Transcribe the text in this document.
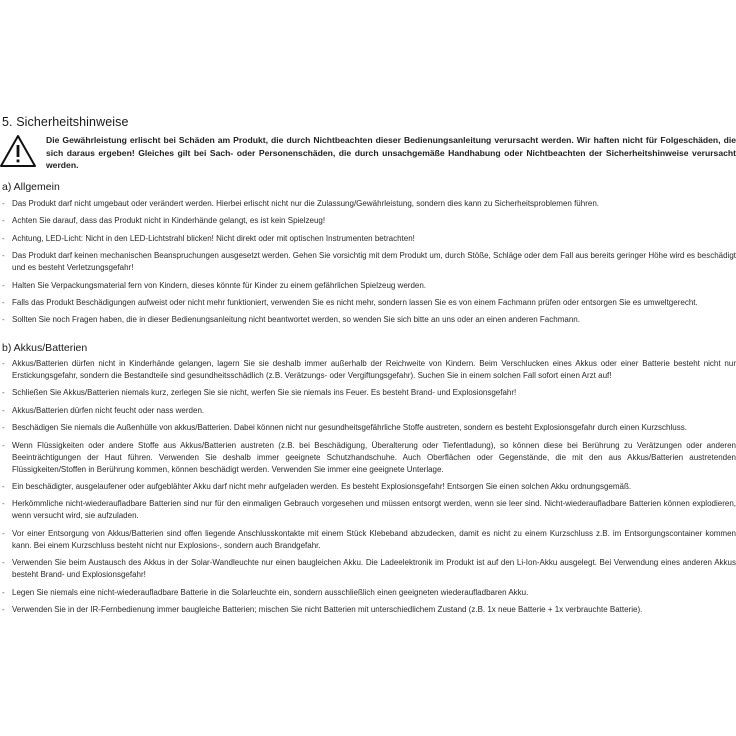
5. Sicherheitshinweise
Die Gewährleistung erlischt bei Schäden am Produkt, die durch Nichtbeachten dieser Bedienungsanleitung verursacht werden. Wir haften nicht für Folgeschäden, die sich daraus ergeben! Gleiches gilt bei Sach- oder Personenschäden, die durch unsachgemäße Handhabung oder Nichtbeachten der Sicherheitshinweise verursacht werden.
a) Allgemein
- Das Produkt darf nicht umgebaut oder verändert werden. Hierbei erlischt nicht nur die Zulassung/Gewährleistung, sondern dies kann zu Sicherheitsproblemen führen.
- Achten Sie darauf, dass das Produkt nicht in Kinderhände gelangt, es ist kein Spielzeug!
- Achtung, LED-Licht: Nicht in den LED-Lichtstrahl blicken! Nicht direkt oder mit optischen Instrumenten betrachten!
- Das Produkt darf keinen mechanischen Beanspruchungen ausgesetzt werden. Gehen Sie vorsichtig mit dem Produkt um, durch Stöße, Schläge oder dem Fall aus bereits geringer Höhe wird es beschädigt und es besteht Verletzungsgefahr!
- Halten Sie Verpackungsmaterial fern von Kindern, dieses könnte für Kinder zu einem gefährlichen Spielzeug werden.
- Falls das Produkt Beschädigungen aufweist oder nicht mehr funktioniert, verwenden Sie es nicht mehr, sondern lassen Sie es von einem Fachmann prüfen oder entsorgen Sie es umweltgerecht.
- Sollten Sie noch Fragen haben, die in dieser Bedienungsanleitung nicht beantwortet werden, so wenden Sie sich bitte an uns oder an einen anderen Fachmann.
b) Akkus/Batterien
- Akkus/Batterien dürfen nicht in Kinderhände gelangen, lagern Sie sie deshalb immer außerhalb der Reichweite von Kindern. Beim Verschlucken eines Akkus oder einer Batterie besteht nicht nur Erstickungsgefahr, sondern die Bestandteile sind gesundheitsschädlich (z.B. Verätzungs- oder Vergiftungsgefahr). Suchen Sie in einem solchen Fall sofort einen Arzt auf!
- Schließen Sie Akkus/Batterien niemals kurz, zerlegen Sie sie nicht, werfen Sie sie niemals ins Feuer. Es besteht Brand- und Explosionsgefahr!
- Akkus/Batterien dürfen nicht feucht oder nass werden.
- Beschädigen Sie niemals die Außenhülle von akkus/Batterien. Dabei können nicht nur gesundheitsgefährliche Stoffe austreten, sondern es besteht Explosionsgefahr durch einen Kurzschluss.
- Wenn Flüssigkeiten oder andere Stoffe aus Akkus/Batterien austreten (z.B. bei Beschädigung, Überalterung oder Tiefentladung), so können diese bei Berührung zu Verätzungen oder anderen Beeinträchtigungen der Haut führen. Verwenden Sie deshalb immer geeignete Schutzhandschuhe. Auch Oberflächen oder Gegenstände, die mit den aus Akkus/Batterien austretenden Flüssigkeiten/Stoffen in Berührung kommen, können beschädigt werden. Verwenden Sie immer eine geeignete Unterlage.
- Ein beschädigter, ausgelaufener oder aufgeblähter Akku darf nicht mehr aufgeladen werden. Es besteht Explosionsgefahr! Entsorgen Sie einen solchen Akku ordnungsgemäß.
- Herkömmliche nicht-wiederaufladbare Batterien sind nur für den einmaligen Gebrauch vorgesehen und müssen entsorgt werden, wenn sie leer sind. Nicht-wiederaufladbare Batterien können explodieren, wenn versucht wird, sie aufzuladen.
- Vor einer Entsorgung von Akkus/Batterien sind offen liegende Anschlusskontakte mit einem Stück Klebeband abzudecken, damit es nicht zu einem Kurzschluss z.B. im Entsorgungscontainer kommen kann. Bei einem Kurzschluss besteht nicht nur Explosions-, sondern auch Brandgefahr.
- Verwenden Sie beim Austausch des Akkus in der Solar-Wandleuchte nur einen baugleichen Akku. Die Ladeelektronik im Produkt ist auf den Li-Ion-Akku ausgelegt. Bei Verwendung eines anderen Akkus besteht Brand- und Explosionsgefahr!
- Legen Sie niemals eine nicht-wiederaufladbare Batterie in die Solarleuchte ein, sondern ausschließlich einen geeigneten wiederaufladbaren Akku.
- Verwenden Sie in der IR-Fernbedienung immer baugleiche Batterien; mischen Sie nicht Batterien mit unterschiedlichem Zustand (z.B. 1x neue Batterie + 1x verbrauchte Batterie).
